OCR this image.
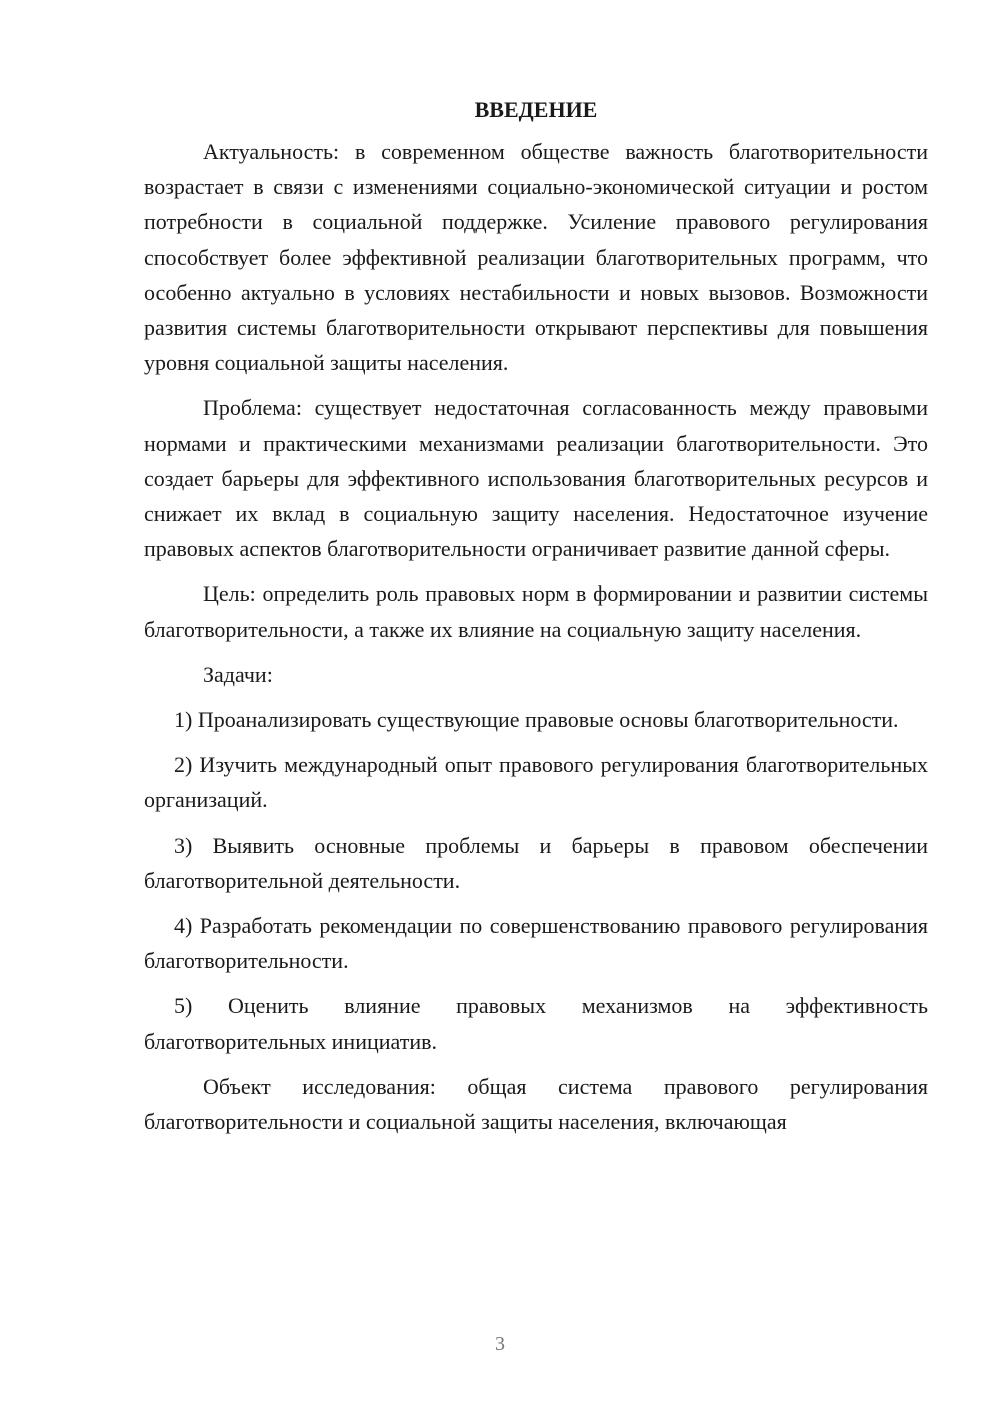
ВВЕДЕНИЕ

Актуальность: в современном обществе важность благотворительности возрастает в связи с изменениями социально-экономической ситуации и ростом потребности в социальной поддержке. Усиление правового регулирования способствует более эффективной реализации благотворительных программ, что особенно актуально в условиях нестабильности и новых вызовов. Возможности развития системы благотворительности открывают перспективы для повышения уровня социальной защиты населения.

Проблема: существует недостаточная согласованность между правовыми нормами и практическими механизмами реализации благотворительности. Это создает барьеры для эффективного использования благотворительных ресурсов и снижает их вклад в социальную защиту населения. Недостаточное изучение правовых аспектов благотворительности ограничивает развитие данной сферы.

Цель: определить роль правовых норм в формировании и развитии системы благотворительности, а также их влияние на социальную защиту населения.

Задачи:

1) Проанализировать существующие правовые основы благотворительности.
2) Изучить международный опыт правового регулирования благотворительных организаций.
3) Выявить основные проблемы и барьеры в правовом обеспечении благотворительной деятельности.
4) Разработать рекомендации по совершенствованию правового регулирования благотворительности.
5) Оценить влияние правовых механизмов на эффективность благотворительных инициатив.

Объект исследования: общая система правового регулирования благотворительности и социальной защиты населения, включающая

3
